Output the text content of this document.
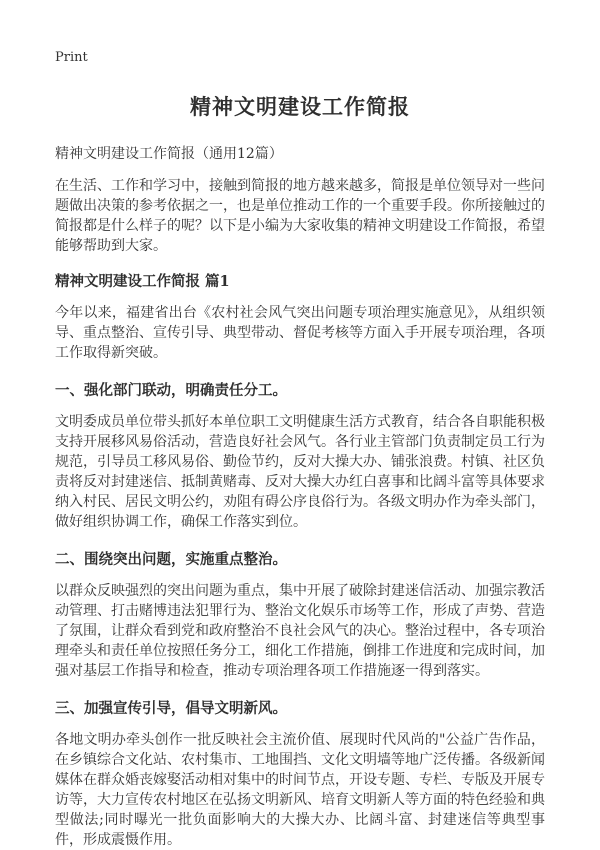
Print
精神文明建设工作简报

精神文明建设工作简报（通用12篇）

在生活、工作和学习中，接触到简报的地方越来越多，简报是单位领导对一些问题做出决策的参考依据之一，也是单位推动工作的一个重要手段。你所接触过的简报都是什么样子的呢？以下是小编为大家收集的精神文明建设工作简报，希望能够帮助到大家。

精神文明建设工作简报 篇1

今年以来，福建省出台《农村社会风气突出问题专项治理实施意见》，从组织领导、重点整治、宣传引导、典型带动、督促考核等方面入手开展专项治理，各项工作取得新突破。

一、强化部门联动，明确责任分工。

文明委成员单位带头抓好本单位职工文明健康生活方式教育，结合各自职能积极支持开展移风易俗活动，营造良好社会风气。各行业主管部门负责制定员工行为规范，引导员工移风易俗、勤俭节约，反对大操大办、铺张浪费。村镇、社区负责将反对封建迷信、抵制黄赌毒、反对大操大办红白喜事和比阔斗富等具体要求纳入村民、居民文明公约，劝阻有碍公序良俗行为。各级文明办作为牵头部门，做好组织协调工作，确保工作落实到位。

二、围绕突出问题，实施重点整治。

以群众反映强烈的突出问题为重点，集中开展了破除封建迷信活动、加强宗教活动管理、打击赌博违法犯罪行为、整治文化娱乐市场等工作，形成了声势、营造了氛围，让群众看到党和政府整治不良社会风气的决心。整治过程中，各专项治理牵头和责任单位按照任务分工，细化工作措施，倒排工作进度和完成时间，加强对基层工作指导和检查，推动专项治理各项工作措施逐一得到落实。

三、加强宣传引导，倡导文明新风。

各地文明办牵头创作一批反映社会主流价值、展现时代风尚的"公益广告作品，在乡镇综合文化站、农村集市、工地围挡、文化文明墙等地广泛传播。各级新闻媒体在群众婚丧嫁娶活动相对集中的时间节点，开设专题、专栏、专版及开展专访等，大力宣传农村地区在弘扬文明新风、培育文明新人等方面的特色经验和典型做法;同时曝光一批负面影响大的大操大办、比阔斗富、封建迷信等典型事件，形成震慑作用。
